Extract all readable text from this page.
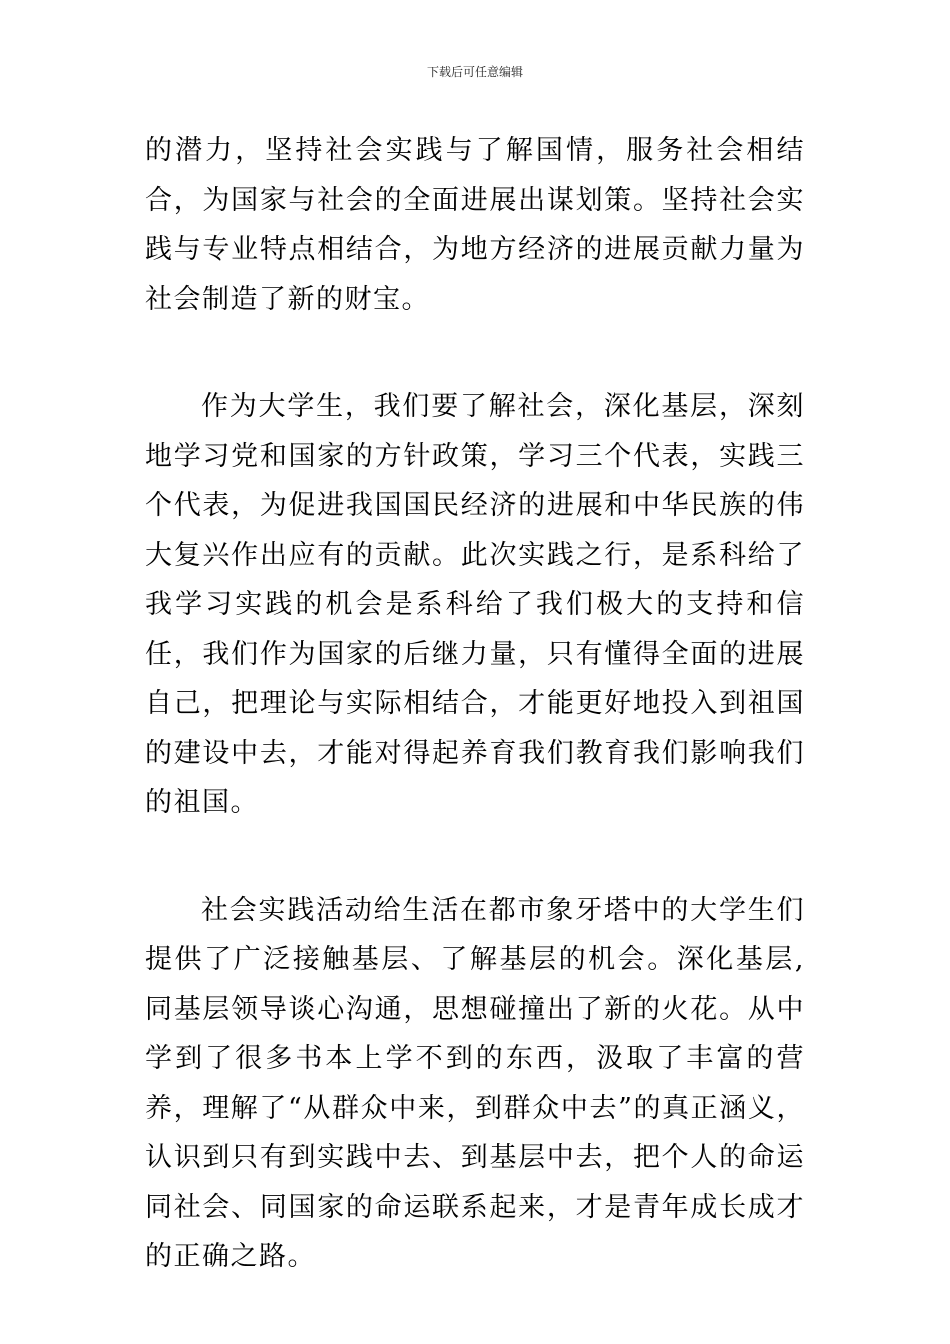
下载后可任意编辑

的潜力，坚持社会实践与了解国情，服务社会相结合，为国家与社会的全面进展出谋划策。坚持社会实践与专业特点相结合，为地方经济的进展贡献力量为社会制造了新的财宝。

作为大学生，我们要了解社会，深化基层，深刻地学习党和国家的方针政策，学习三个代表，实践三个代表，为促进我国国民经济的进展和中华民族的伟大复兴作出应有的贡献。此次实践之行，是系科给了我学习实践的机会是系科给了我们极大的支持和信任，我们作为国家的后继力量，只有懂得全面的进展自己，把理论与实际相结合，才能更好地投入到祖国的建设中去，才能对得起养育我们教育我们影响我们的祖国。

社会实践活动给生活在都市象牙塔中的大学生们提供了广泛接触基层、了解基层的机会。深化基层,同基层领导谈心沟通，思想碰撞出了新的火花。从中学到了很多书本上学不到的东西，汲取了丰富的营养，理解了“从群众中来，到群众中去”的真正涵义，认识到只有到实践中去、到基层中去，把个人的命运同社会、同国家的命运联系起来，才是青年成长成才的正确之路。
